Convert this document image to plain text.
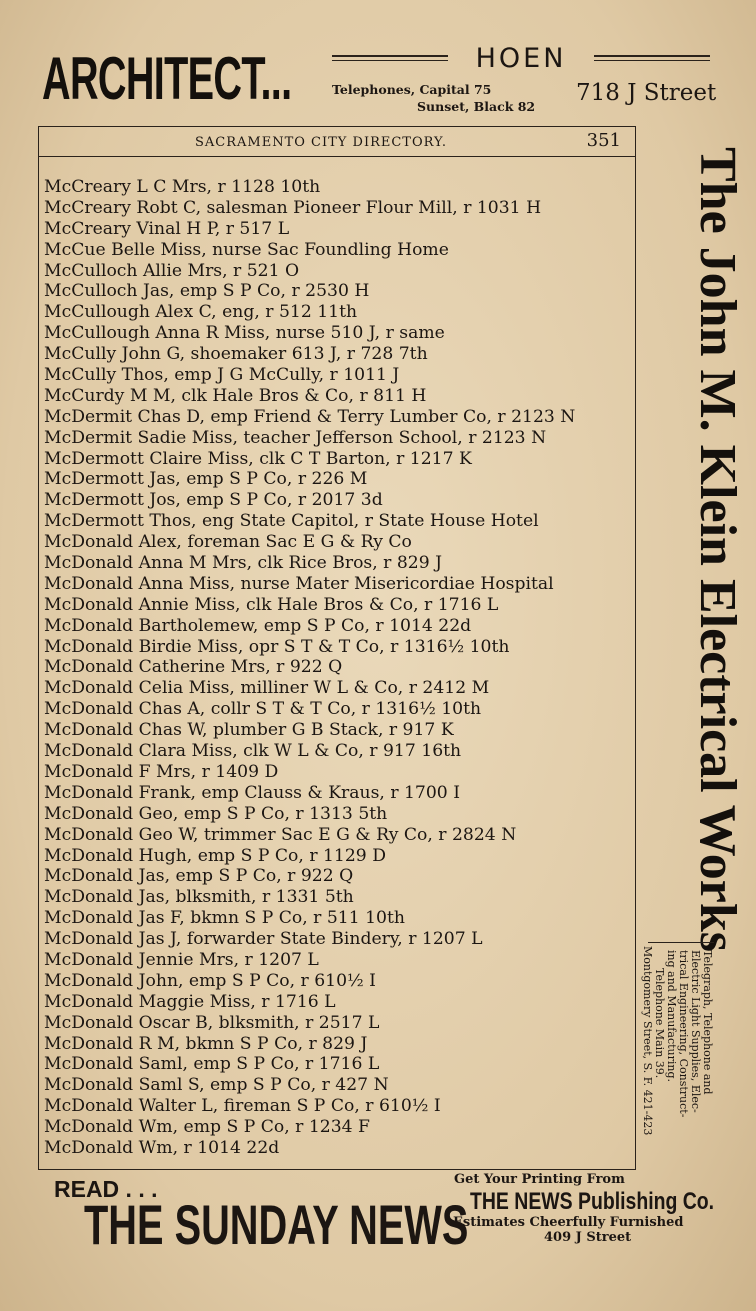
ARCHITECT...	HOEN
Telephones, Capital 75
Sunset, Black 82
718 J Street
SACRAMENTO CITY DIRECTORY.	351
McCreary L C Mrs, r 1128 10th
McCreary Robt C, salesman Pioneer Flour Mill, r 1031 H
McCreary Vinal H P, r 517 L
McCue Belle Miss, nurse Sac Foundling Home
McCulloch Allie Mrs, r 521 O
McCulloch Jas, emp S P Co, r 2530 H
McCullough Alex C, eng, r 512 11th
McCullough Anna R Miss, nurse 510 J, r same
McCully John G, shoemaker 613 J, r 728 7th
McCully Thos, emp J G McCully, r 1011 J
McCurdy M M, clk Hale Bros & Co, r 811 H
McDermit Chas D, emp Friend & Terry Lumber Co, r 2123 N
McDermit Sadie Miss, teacher Jefferson School, r 2123 N
McDermott Claire Miss, clk C T Barton, r 1217 K
McDermott Jas, emp S P Co, r 226 M
McDermott Jos, emp S P Co, r 2017 3d
McDermott Thos, eng State Capitol, r State House Hotel
McDonald Alex, foreman Sac E G & Ry Co
McDonald Anna M Mrs, clk Rice Bros, r 829 J
McDonald Anna Miss, nurse Mater Misericordiae Hospital
McDonald Annie Miss, clk Hale Bros & Co, r 1716 L
McDonald Bartholemew, emp S P Co, r 1014 22d
McDonald Birdie Miss, opr S T & T Co, r 1316½ 10th
McDonald Catherine Mrs, r 922 Q
McDonald Celia Miss, milliner W L & Co, r 2412 M
McDonald Chas A, collr S T & T Co, r 1316½ 10th
McDonald Chas W, plumber G B Stack, r 917 K
McDonald Clara Miss, clk W L & Co, r 917 16th
McDonald F Mrs, r 1409 D
McDonald Frank, emp Clauss & Kraus, r 1700 I
McDonald Geo, emp S P Co, r 1313 5th
McDonald Geo W, trimmer Sac E G & Ry Co, r 2824 N
McDonald Hugh, emp S P Co, r 1129 D
McDonald Jas, emp S P Co, r 922 Q
McDonald Jas, blksmith, r 1331 5th
McDonald Jas F, bkmn S P Co, r 511 10th
McDonald Jas J, forwarder State Bindery, r 1207 L
McDonald Jennie Mrs, r 1207 L
McDonald John, emp S P Co, r 610½ I
McDonald Maggie Miss, r 1716 L
McDonald Oscar B, blksmith, r 2517 L
McDonald R M, bkmn S P Co, r 829 J
McDonald Saml, emp S P Co, r 1716 L
McDonald Saml S, emp S P Co, r 427 N
McDonald Walter L, fireman S P Co, r 610½ I
McDonald Wm, emp S P Co, r 1234 F
McDonald Wm, r 1014 22d
The John M. Klein Electrical Works
Telegraph, Telephone and
Electric Light Supplies, Elec-
trical Engineering, Construct-
ing and Manufacturing.
Telephone Main 39.
Montgomery Street, S. F. 421-423
READ . . .
THE SUNDAY NEWS
Get Your Printing From
THE NEWS Publishing Co.
Estimates Cheerfully Furnished
409 J Street
